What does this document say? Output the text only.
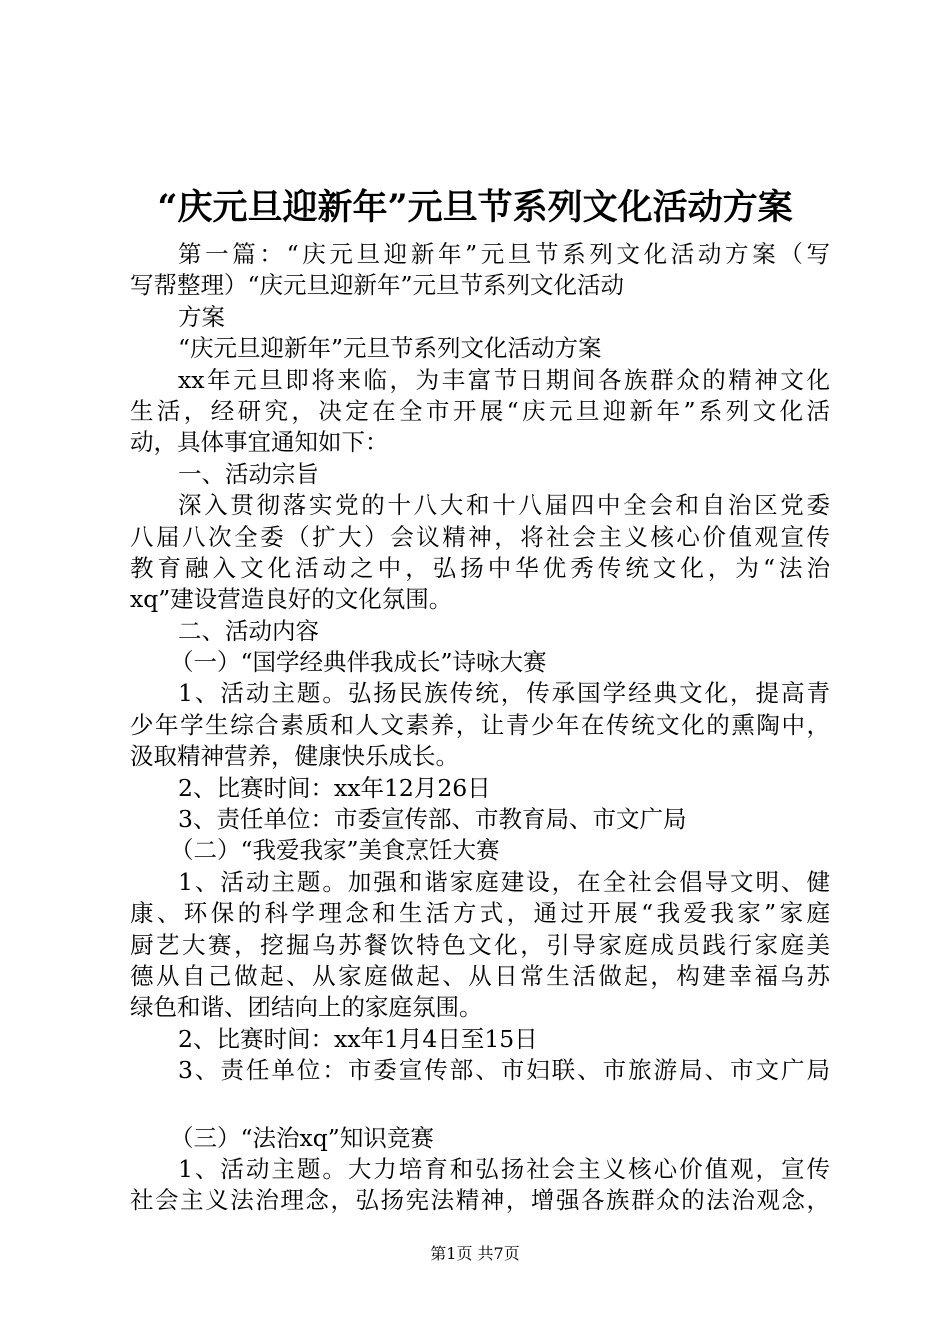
“庆元旦迎新年”元旦节系列文化活动方案
第一篇：“庆元旦迎新年”元旦节系列文化活动方案（写
写帮整理）“庆元旦迎新年”元旦节系列文化活动
方案
“庆元旦迎新年”元旦节系列文化活动方案
xx年元旦即将来临，为丰富节日期间各族群众的精神文化
生活，经研究，决定在全市开展“庆元旦迎新年”系列文化活
动，具体事宜通知如下：
一、活动宗旨
深入贯彻落实党的十八大和十八届四中全会和自治区党委
八届八次全委（扩大）会议精神，将社会主义核心价值观宣传
教育融入文化活动之中，弘扬中华优秀传统文化，为“法治
xq”建设营造良好的文化氛围。
二、活动内容
（一）“国学经典伴我成长”诗咏大赛
1、活动主题。弘扬民族传统，传承国学经典文化，提高青
少年学生综合素质和人文素养，让青少年在传统文化的熏陶中，
汲取精神营养，健康快乐成长。
2、比赛时间：xx年12月26日
3、责任单位：市委宣传部、市教育局、市文广局
（二）“我爱我家”美食烹饪大赛
1、活动主题。加强和谐家庭建设，在全社会倡导文明、健
康、环保的科学理念和生活方式，通过开展“我爱我家”家庭
厨艺大赛，挖掘乌苏餐饮特色文化，引导家庭成员践行家庭美
德从自己做起、从家庭做起、从日常生活做起，构建幸福乌苏
绿色和谐、团结向上的家庭氛围。
2、比赛时间：xx年1月4日至15日
3、责任单位：市委宣传部、市妇联、市旅游局、市文广局
（三）“法治xq”知识竞赛
1、活动主题。大力培育和弘扬社会主义核心价值观，宣传
社会主义法治理念，弘扬宪法精神，增强各族群众的法治观念，
第1页 共7页
